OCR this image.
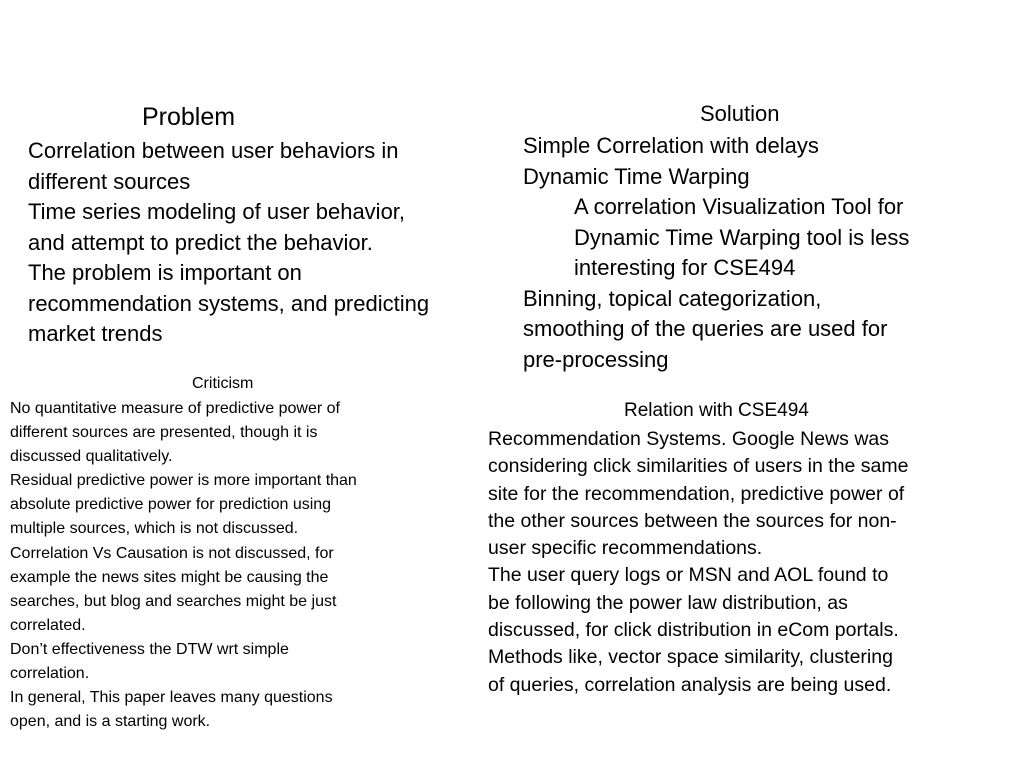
Problem
Correlation between user behaviors in
different sources
Time series modeling of user behavior,
and attempt to predict the behavior.
The problem is important on
recommendation systems, and predicting
market trends
Solution
Simple Correlation with delays
Dynamic Time Warping
A correlation Visualization Tool for
Dynamic Time Warping tool is less
interesting for CSE494
Binning, topical categorization,
smoothing of the queries are used for
pre-processing
Criticism
No quantitative measure of predictive power of
different sources are presented, though it is
discussed qualitatively.
Residual predictive power is more important than
absolute predictive power for prediction using
multiple sources, which is not discussed.
Correlation Vs Causation is not discussed, for
example the news sites might be causing the
searches, but blog and searches might be just
correlated.
Don’t effectiveness the DTW wrt simple
correlation.
In general, This paper leaves many questions
open, and is a starting work.
Relation with CSE494
Recommendation Systems. Google News was
considering click similarities of users in the same
site for the recommendation, predictive power of
the other sources between the sources for non-
user specific recommendations.
The user query logs or MSN and AOL found to
be following the power law distribution, as
discussed, for click distribution in eCom portals.
Methods like, vector space similarity, clustering
of queries, correlation analysis are being used.
